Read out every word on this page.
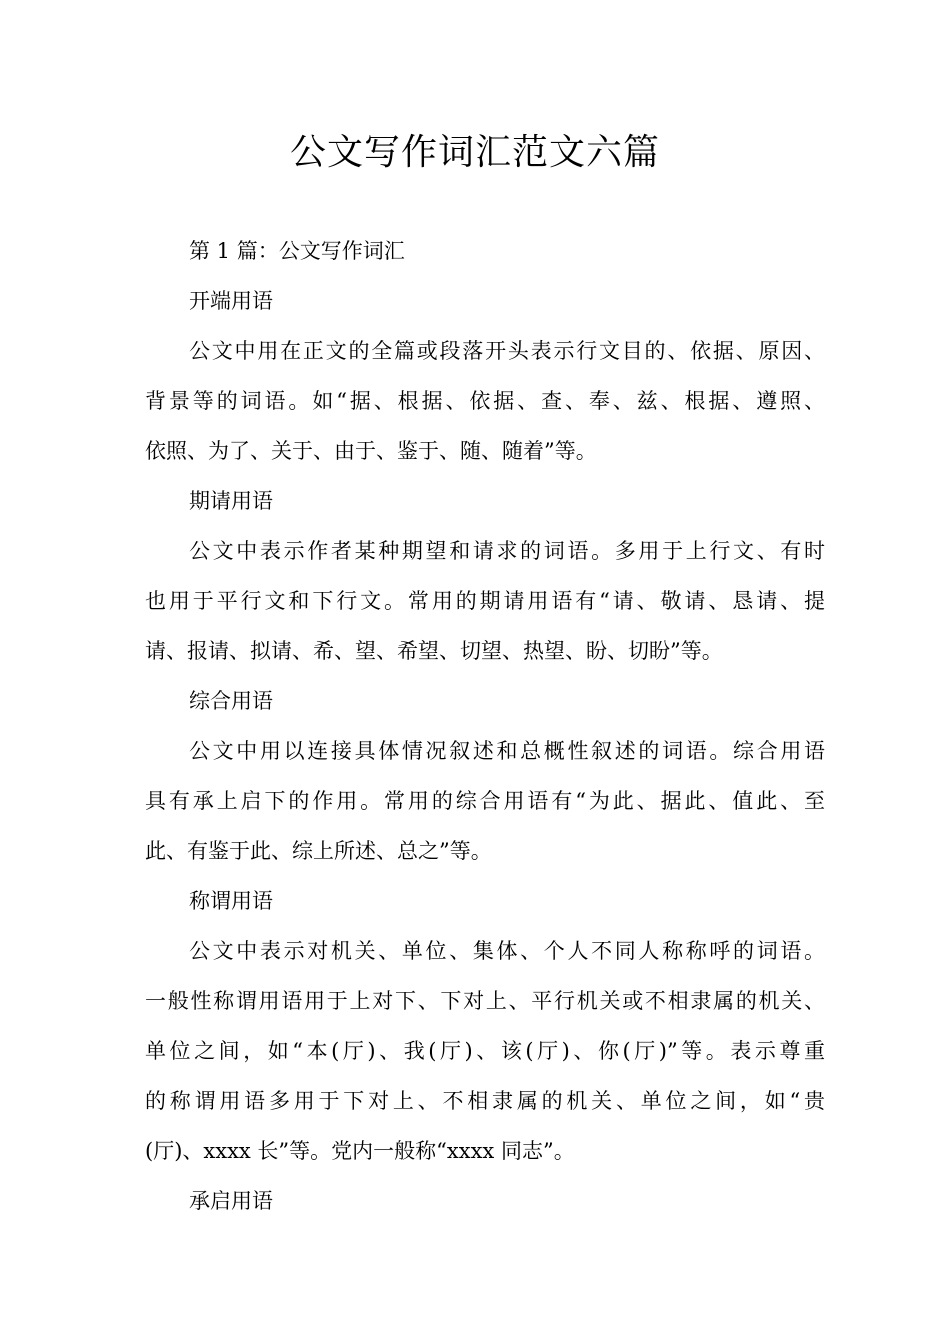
公文写作词汇范文六篇

第 1 篇：公文写作词汇

开端用语

公文中用在正文的全篇或段落开头表示行文目的、依据、原因、
背景等的词语。如“据、根据、依据、查、奉、兹、根据、遵照、
依照、为了、关于、由于、鉴于、随、随着”等。

期请用语

公文中表示作者某种期望和请求的词语。多用于上行文、有时
也用于平行文和下行文。常用的期请用语有“请、敬请、恳请、提
请、报请、拟请、希、望、希望、切望、热望、盼、切盼”等。

综合用语

公文中用以连接具体情况叙述和总概性叙述的词语。综合用语
具有承上启下的作用。常用的综合用语有“为此、据此、值此、至
此、有鉴于此、综上所述、总之”等。

称谓用语

公文中表示对机关、单位、集体、个人不同人称称呼的词语。
一般性称谓用语用于上对下、下对上、平行机关或不相隶属的机关、
单位之间，如“本(厅)、我(厅)、该(厅)、你(厅)”等。表示尊重
的称谓用语多用于下对上、不相隶属的机关、单位之间，如“贵
(厅)、xxxx 长”等。党内一般称“xxxx 同志”。

承启用语
